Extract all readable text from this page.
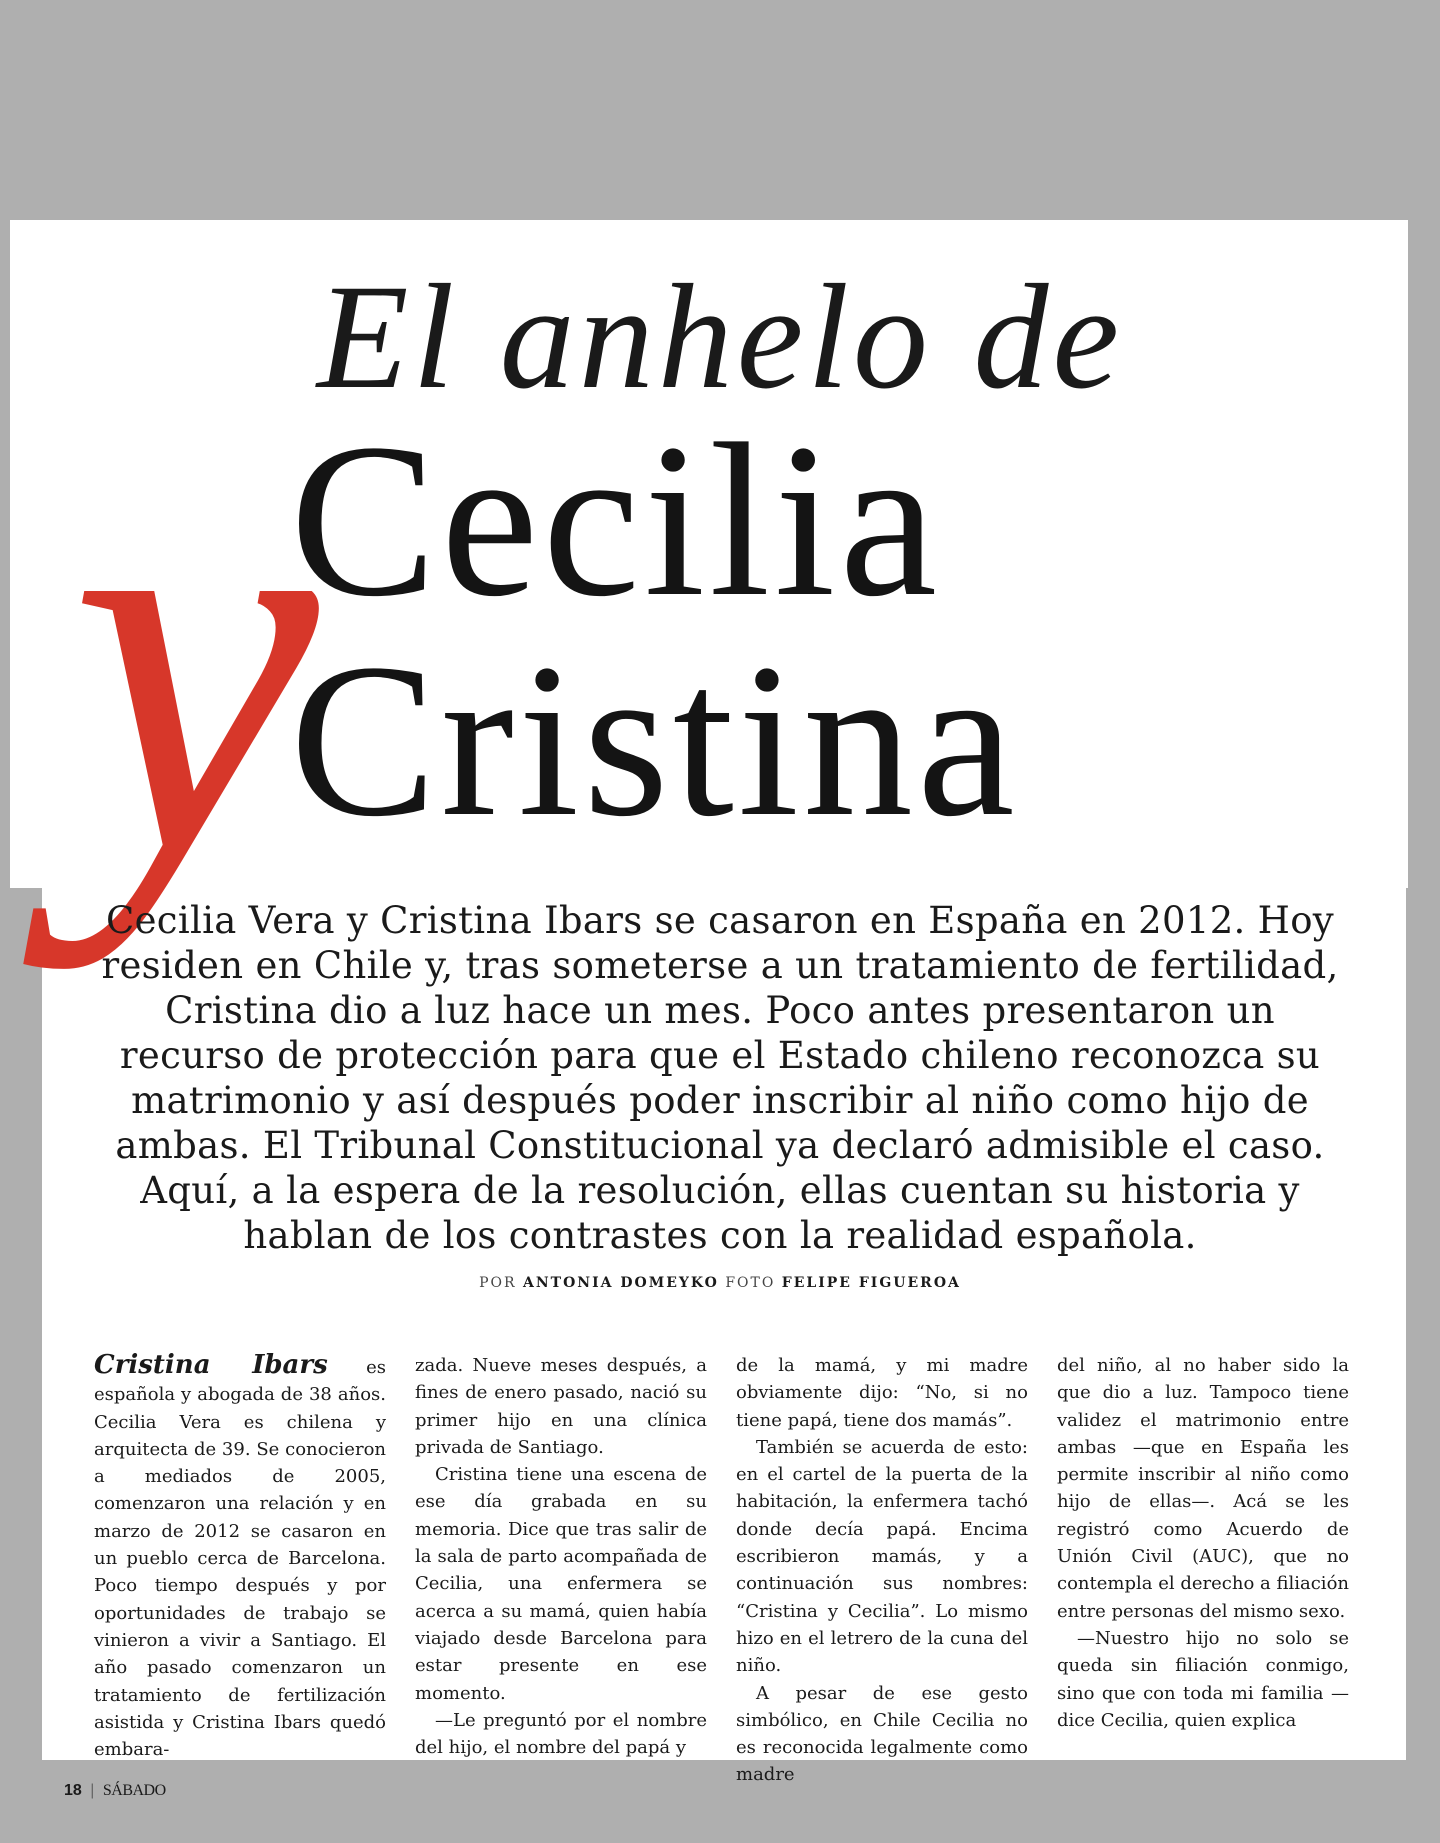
y
El anhelo de
Cecilia
Cristina
Cecilia Vera y Cristina Ibars se casaron en España en 2012. Hoy residen en Chile y, tras someterse a un tratamiento de fertilidad, Cristina dio a luz hace un mes. Poco antes presentaron un recurso de protección para que el Estado chileno reconozca su matrimonio y así después poder inscribir al niño como hijo de ambas. El Tribunal Constitucional ya declaró admisible el caso. Aquí, a la espera de la resolución, ellas cuentan su historia y hablan de los contrastes con la realidad española.
POR ANTONIA DOMEYKO FOTO FELIPE FIGUEROA

Cristina Ibars es española y abogada de 38 años. Cecilia Vera es chilena y arquitecta de 39. Se conocieron a mediados de 2005, comenzaron una relación y en marzo de 2012 se casaron en un pueblo cerca de Barcelona. Poco tiempo después y por oportunidades de trabajo se vinieron a vivir a Santiago. El año pasado comenzaron un tratamiento de fertilización asistida y Cristina Ibars quedó embara-

zada. Nueve meses después, a fines de enero pasado, nació su primer hijo en una clínica privada de Santiago.

Cristina tiene una escena de ese día grabada en su memoria. Dice que tras salir de la sala de parto acompañada de Cecilia, una enfermera se acerca a su mamá, quien había viajado desde Barcelona para estar presente en ese momento.

—Le preguntó por el nombre del hijo, el nombre del papá y

de la mamá, y mi madre obviamente dijo: “No, si no tiene papá, tiene dos mamás”.

También se acuerda de esto: en el cartel de la puerta de la habitación, la enfermera tachó donde decía papá. Encima escribieron mamás, y a continuación sus nombres: “Cristina y Cecilia”. Lo mismo hizo en el letrero de la cuna del niño.

A pesar de ese gesto simbólico, en Chile Cecilia no es reconocida legalmente como madre

del niño, al no haber sido la que dio a luz. Tampoco tiene validez el matrimonio entre ambas —que en España les permite inscribir al niño como hijo de ellas—. Acá se les registró como Acuerdo de Unión Civil (AUC), que no contempla el derecho a filiación entre personas del mismo sexo.

—Nuestro hijo no solo se queda sin filiación conmigo, sino que con toda mi familia —dice Cecilia, quien explica

18 | SÁBADO
